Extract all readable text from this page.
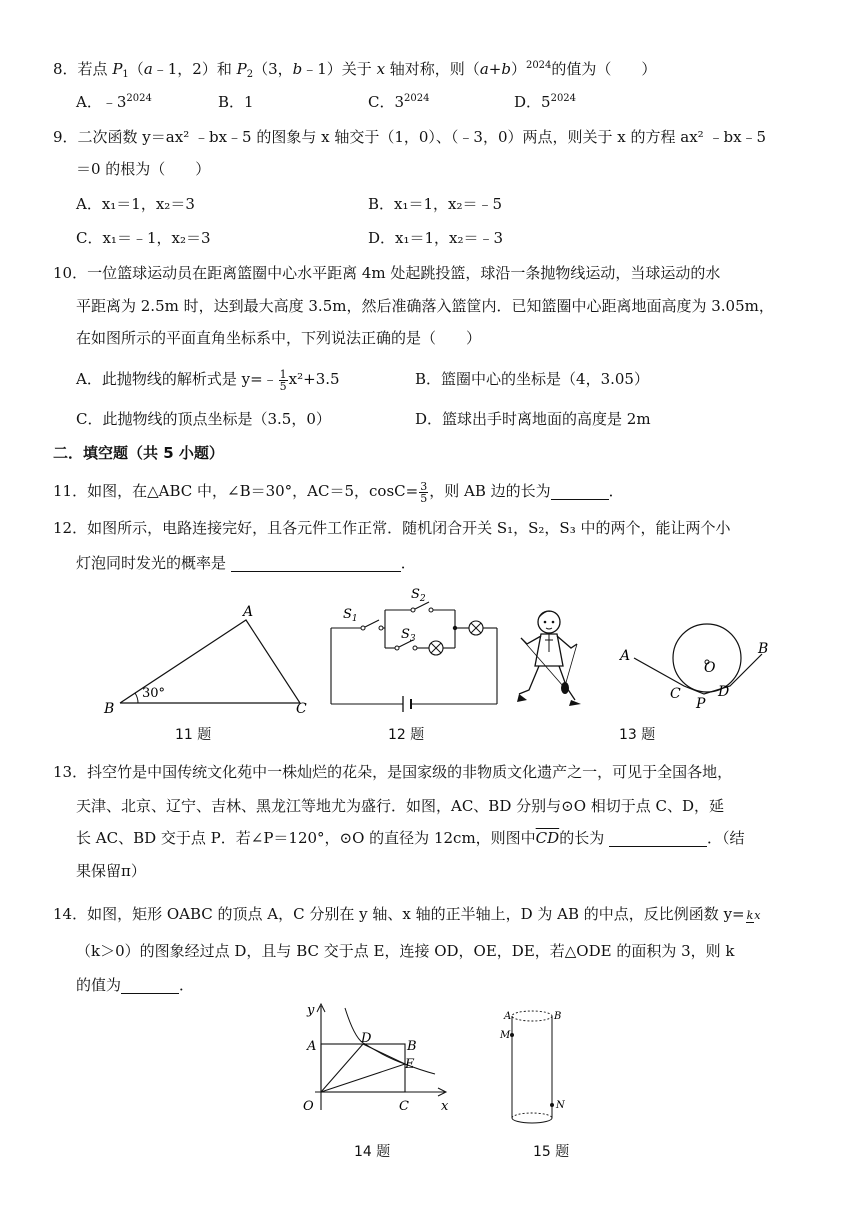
8．若点 $P_1(a﹣1$，2）和 $P_2(3$，b﹣1）关于 x 轴对称，则$(a+b)^{2024}$的值为（　　）
A．$﹣3^{2024}$	B．1	C．$3^{2024}$	D．$5^{2024}$
9．二次函数 y＝ax² ﹣bx﹣5 的图象与 x 轴交于（1，0）、（﹣3，0）两点，则关于 x 的方程 ax² ﹣bx﹣5
＝0 的根为（　　）
A．x₁＝1，x₂＝3	B．x₁＝1，x₂＝﹣5
C．x₁＝﹣1，x₂＝3	D．x₁＝1，x₂＝﹣3
10．一位篮球运动员在距离篮圈中心水平距离 4m 处起跳投篮，球沿一条抛物线运动，当球运动的水
平距离为 2.5m 时，达到最大高度 3.5m，然后准确落入篮筐内．已知篮圈中心距离地面高度为 3.05m，
在如图所示的平面直角坐标系中，下列说法正确的是（　　）
A．此抛物线的解析式是 y=﹣ $\frac{1}{5} x^2+3.5$	B．篮圈中心的坐标是（4，3.05）
C．此抛物线的顶点坐标是（3.5，0）	D．篮球出手时离地面的高度是 2m
二．填空题（共 5 小题）
11．如图，在△ABC 中，∠B＝30°，AC＝5，$\cos C= \frac{3}{5}$ ，则 AB 边的长为	．
12．如图所示，电路连接完好，且各元件工作正常．随机闭合开关 S₁，S₂，S₃ 中的两个，能让两个小
灯泡同时发光的概率是	．
A
B	C
30°
11 题
$S_1$
$S_2$
$S_3$
12 题
A	B
C	D
O
P
13 题
13．抖空竹是中国传统文化苑中一株灿烂的花朵，是国家级的非物质文化遗产之一，可见于全国各地，
天津、北京、辽宁、吉林、黑龙江等地尤为盛行．如图，AC、BD 分别与⊙O 相切于点 C、D，延
长 AC、BD 交于点 P．若∠P＝120°，⊙O 的直径为 12cm，则图中$\overline{CD}$的长为	．（结
果保留π）
14．如图，矩形 OABC 的顶点 A，C 分别在 y 轴、x 轴的正半轴上，D 为 AB 的中点，反比例函数 y= kx
（k＞0）的图象经过点 D，且与 BC 交于点 E，连接 OD，OE，DE，若△ODE 的面积为 3，则 k
的值为	．
y
x
A	B
C
D
E
O
14 题
A	B
M
N
15 题
